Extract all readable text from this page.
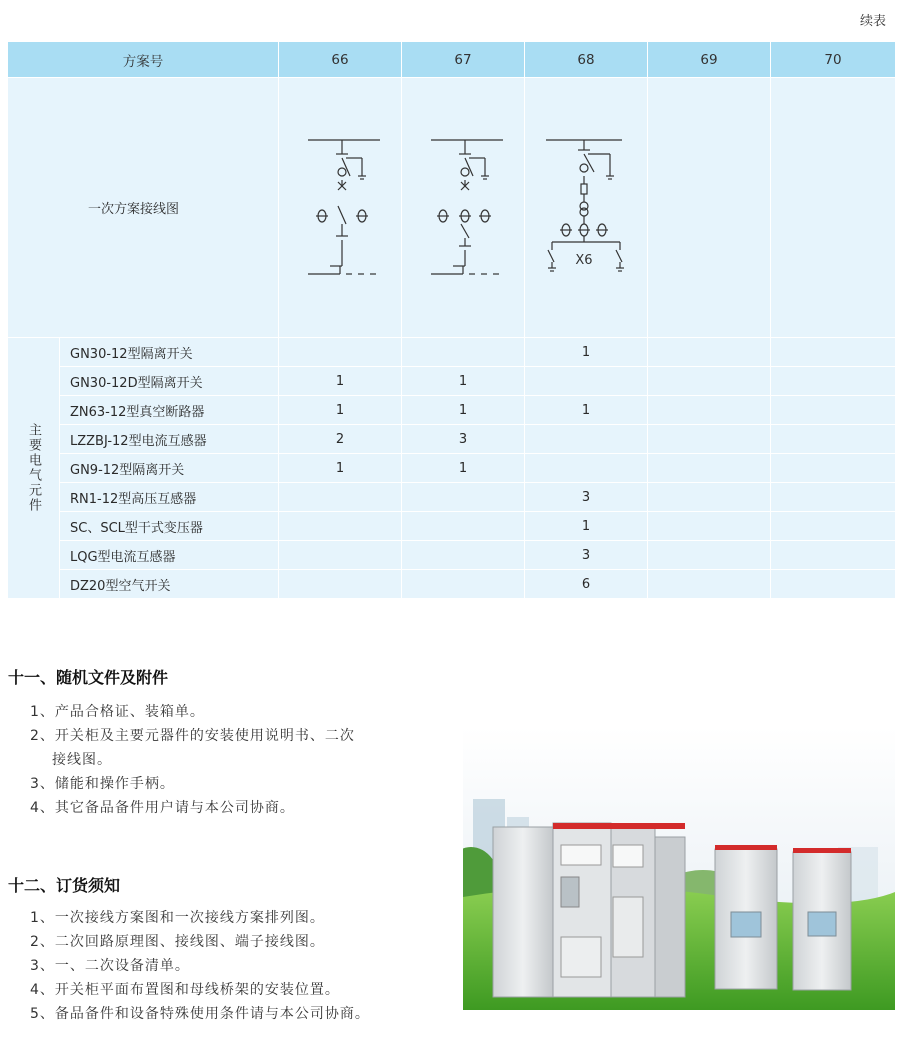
续表
方案号		66	67	68	69	70
一次方案接线图				X6		

主要电气元件	GN30-12型隔离开关			1		
	GN30-12D型隔离开关	1	1			
	ZN63-12型真空断路器	1	1	1		
	LZZBJ-12型电流互感器	2	3			
	GN9-12型隔离开关	1	1			
	RN1-12型高压互感器			3		
	SC、SCL型干式变压器			1		
	LQG型电流互感器			3		
	DZ20型空气开关			6		
十一、随机文件及附件
1、产品合格证、装箱单。
2、开关柜及主要元器件的安装使用说明书、二次
接线图。
3、储能和操作手柄。
4、其它备品备件用户请与本公司协商。
十二、订货须知
1、一次接线方案图和一次接线方案排列图。
2、二次回路原理图、接线图、端子接线图。
3、一、二次设备清单。
4、开关柜平面布置图和母线桥架的安装位置。
5、备品备件和设备特殊使用条件请与本公司协商。
